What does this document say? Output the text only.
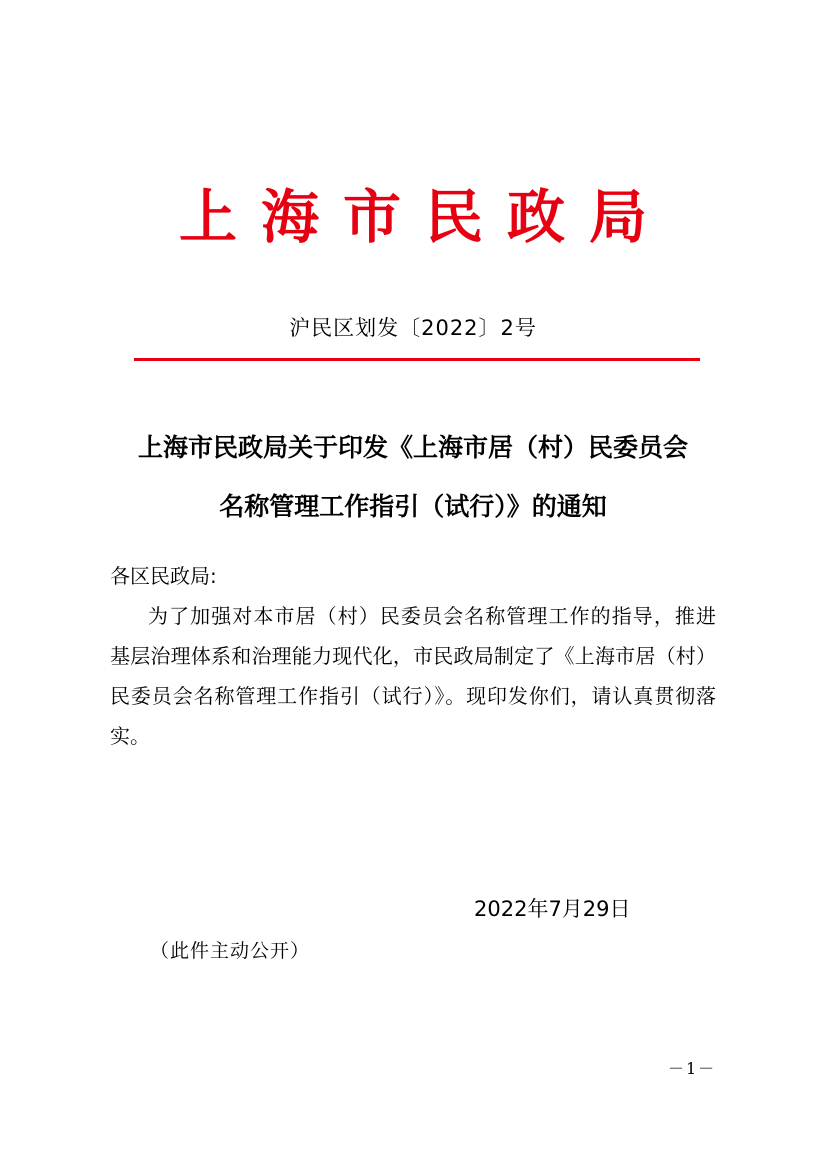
上海市民政局
沪民区划发〔2022〕2号
上海市民政局关于印发《上海市居（村）民委员会
名称管理工作指引（试行）》的通知
各区民政局:
为了加强对本市居（村）民委员会名称管理工作的指导，推进
基层治理体系和治理能力现代化，市民政局制定了《上海市居（村）
民委员会名称管理工作指引（试行）》。现印发你们，请认真贯彻落
实。
2022年7月29日
（此件主动公开）
－1－
